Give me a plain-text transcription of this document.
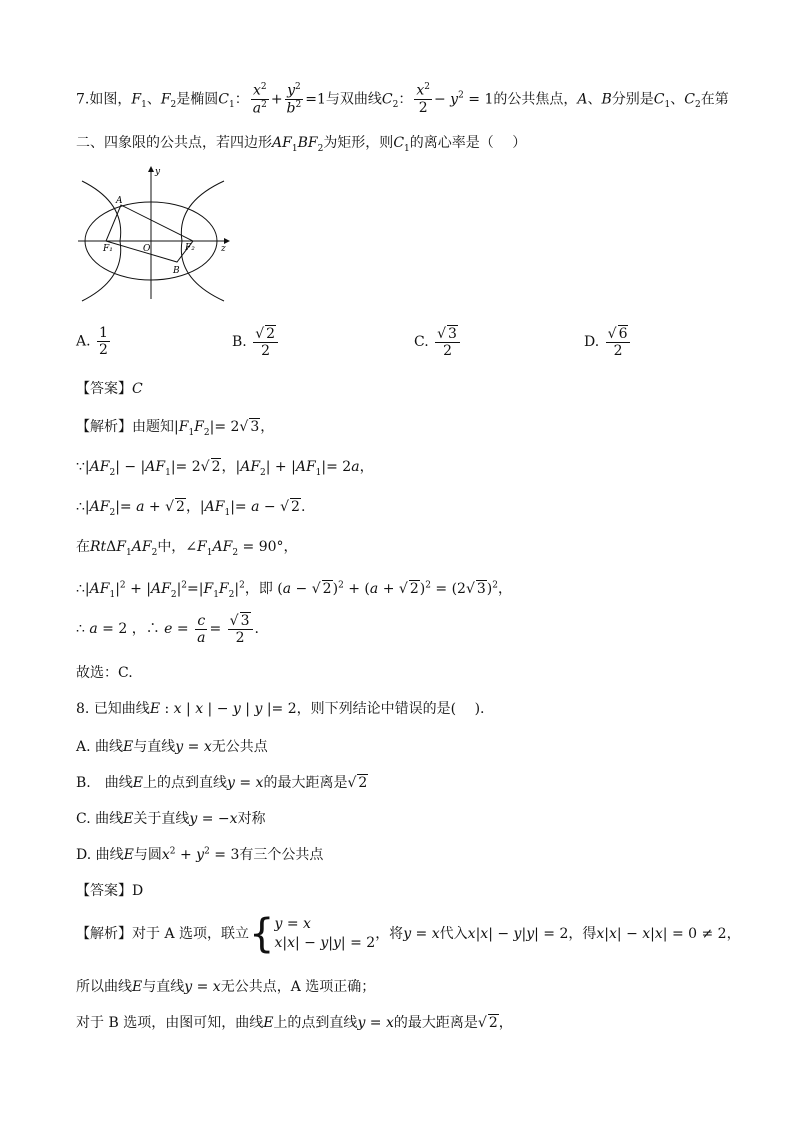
7.如图，$F_1$、$F_2$是椭圆$C_1$： $\frac{x^2}{a^2} + \frac{y^2}{b^2} =1$与双曲线$C_2$： $\frac{x^2}{2} - y^2 = 1$的公共焦点，A、B分别是$C_1$、$C_2$在第
二、四象限的公共点，若四边形$AF_1BF_2$为矩形，则$C_1$的离心率是（　 ）
z
y
A
F₁	O	F₂
B
A. $\frac{1}{2}$	B. $\frac{√ 2}{2}$	C. $\frac{√ 3}{2}$	D. $\frac{√ 6}{2}$
【答案】C
【解析】由题知$|F_1F_2|= 2√$ 3，
$\because|AF_2| - |AF_1|= 2√$ 2，$|AF_2| + |AF_1|= 2a$，
$\therefore|AF_2|= a$ + √ 2，$|AF_1|= a$ − √ 2.
在$Rt\Delta F_1AF_2$中，$\angle F_1AF_2 = 90^\circ$，
$\therefore|AF_1|^2 + |AF_2|^2=|F_1F_2|^2$，即 (a − √ 2)$^2$ + (a + √ 2)$^2$ = (2√ 3)$^2$，
∴ a = 2 ，∴ $e = \frac{c}{a} = \frac{√ 3}{2}$ .
故选：C.
8. 已知曲线E : x | x | − y | y |= 2，则下列结论中错误的是(　 ).
A. 曲线E与直线y = x无公共点
B.　 曲线E上的点到直线y = x的最大距离是√ 2
C. 曲线E关于直线y = −x对称
D. 曲线E与圆$x^2 + y^2 = 3$有三个公共点
【答案】D
【解析】对于 A 选项，联立{y = x
x|x| − y|y| = 2，将y = x代入x|x| − y|y| = 2，得x|x| − x|x| = 0 ≠ 2，
所以曲线E与直线y = x无公共点，A 选项正确；
对于 B 选项，由图可知，曲线E上的点到直线y = x的最大距离是√ 2，
